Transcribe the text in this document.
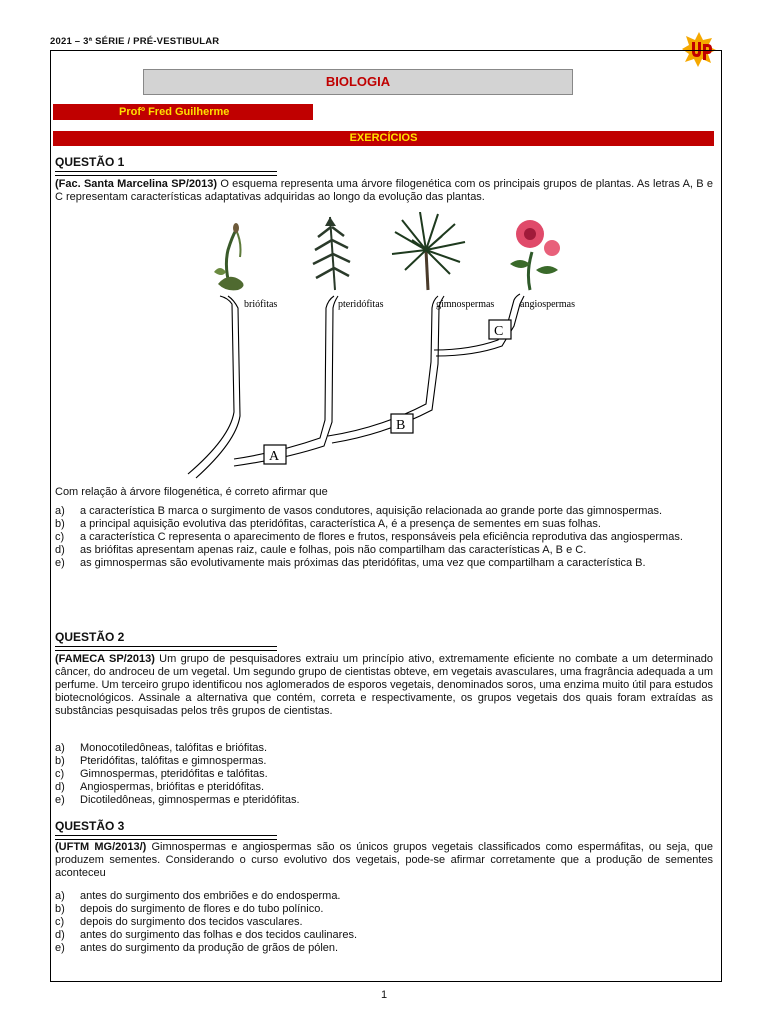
2021 – 3ª SÉRIE / PRÉ-VESTIBULAR
UP
BIOLOGIA
Profº Fred Guilherme
EXERCÍCIOS
QUESTÃO 1

(Fac. Santa Marcelina SP/2013) O esquema representa uma árvore filogenética com os principais grupos de plantas. As letras A, B e C representam características adaptativas adquiridas ao longo da evolução das plantas.

briófitas	pteridófitas	gimnospermas	angiospermas
A
B
C

Com relação à árvore filogenética, é correto afirmar que

a)	a característica B marca o surgimento de vasos condutores, aquisição relacionada ao grande porte das gimnospermas.
b)	a principal aquisição evolutiva das pteridófitas, característica A, é a presença de sementes em suas folhas.
c)	a característica C representa o aparecimento de flores e frutos, responsáveis pela eficiência reprodutiva das angiospermas.
d)	as briófitas apresentam apenas raiz, caule e folhas, pois não compartilham das características A, B e C.
e)	as gimnospermas são evolutivamente mais próximas das pteridófitas, uma vez que compartilham a característica B.
QUESTÃO 2

(FAMECA SP/2013) Um grupo de pesquisadores extraiu um princípio ativo, extremamente eficiente no combate a um determinado câncer, do androceu de um vegetal. Um segundo grupo de cientistas obteve, em vegetais avasculares, uma fragrância adequada a um perfume. Um terceiro grupo identificou nos aglomerados de esporos vegetais, denominados soros, uma enzima muito útil para estudos biotecnológicos. Assinale a alternativa que contém, correta e respectivamente, os grupos vegetais dos quais foram extraídas as substâncias pesquisadas pelos três grupos de cientistas.

a)	Monocotiledôneas, talófitas e briófitas.
b)	Pteridófitas, talófitas e gimnospermas.
c)	Gimnospermas, pteridófitas e talófitas.
d)	Angiospermas, briófitas e pteridófitas.
e)	Dicotiledôneas, gimnospermas e pteridófitas.
QUESTÃO 3

(UFTM MG/2013/) Gimnospermas e angiospermas são os únicos grupos vegetais classificados como espermáfitas, ou seja, que produzem sementes. Considerando o curso evolutivo dos vegetais, pode-se afirmar corretamente que a produção de sementes aconteceu

a)	antes do surgimento dos embriões e do endosperma.
b)	depois do surgimento de flores e do tubo polínico.
c)	depois do surgimento dos tecidos vasculares.
d)	antes do surgimento das folhas e dos tecidos caulinares.
e)	antes do surgimento da produção de grãos de pólen.
1
